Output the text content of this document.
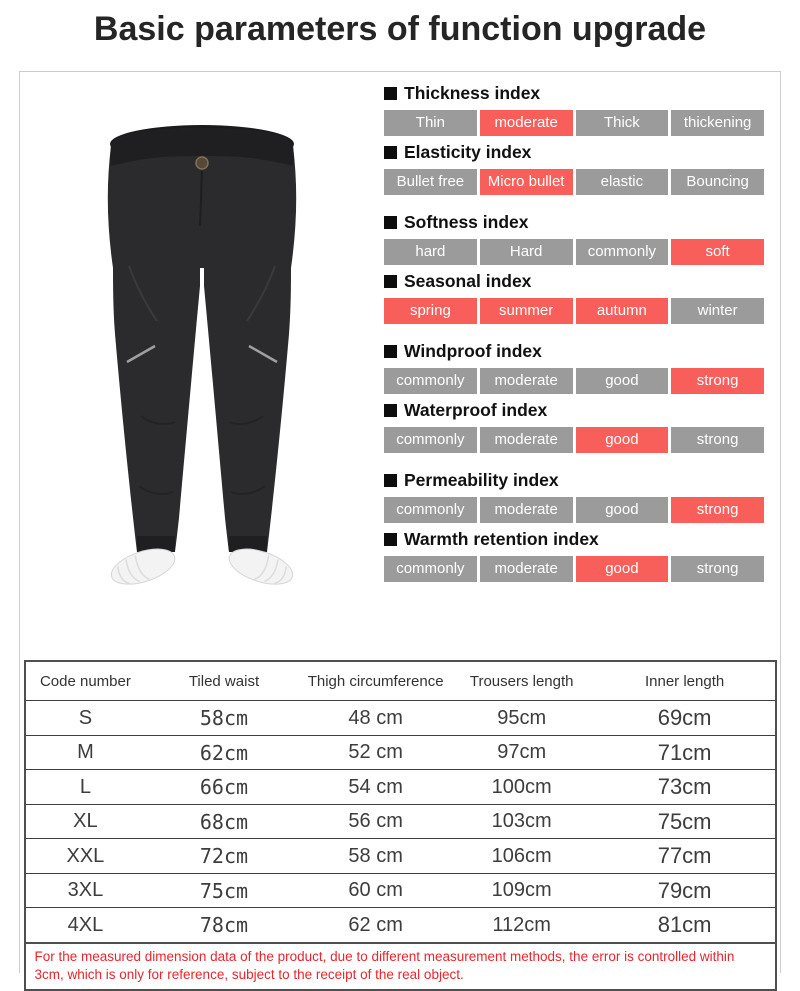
Basic parameters of function upgrade
Thickness index
Thin	moderate	Thick	thickening
Elasticity index
Bullet free	Micro bullet	elastic	Bouncing
Softness index
hard	Hard	commonly	soft
Seasonal index
spring	summer	autumn	winter
Windproof index
commonly	moderate	good	strong
Waterproof index
commonly	moderate	good	strong
Permeability index
commonly	moderate	good	strong
Warmth retention index
commonly	moderate	good	strong
Code number	Tiled waist	Thigh circumference	Trousers length	Inner length
S	58cm	48 cm	95cm	69cm
M	62cm	52 cm	97cm	71cm
L	66cm	54 cm	100cm	73cm
XL	68cm	56 cm	103cm	75cm
XXL	72cm	58 cm	106cm	77cm
3XL	75cm	60 cm	109cm	79cm
4XL	78cm	62 cm	112cm	81cm
For the measured dimension data of the product, due to different measurement methods, the error is controlled within 3cm, which is only for reference, subject to the receipt of the real object.
